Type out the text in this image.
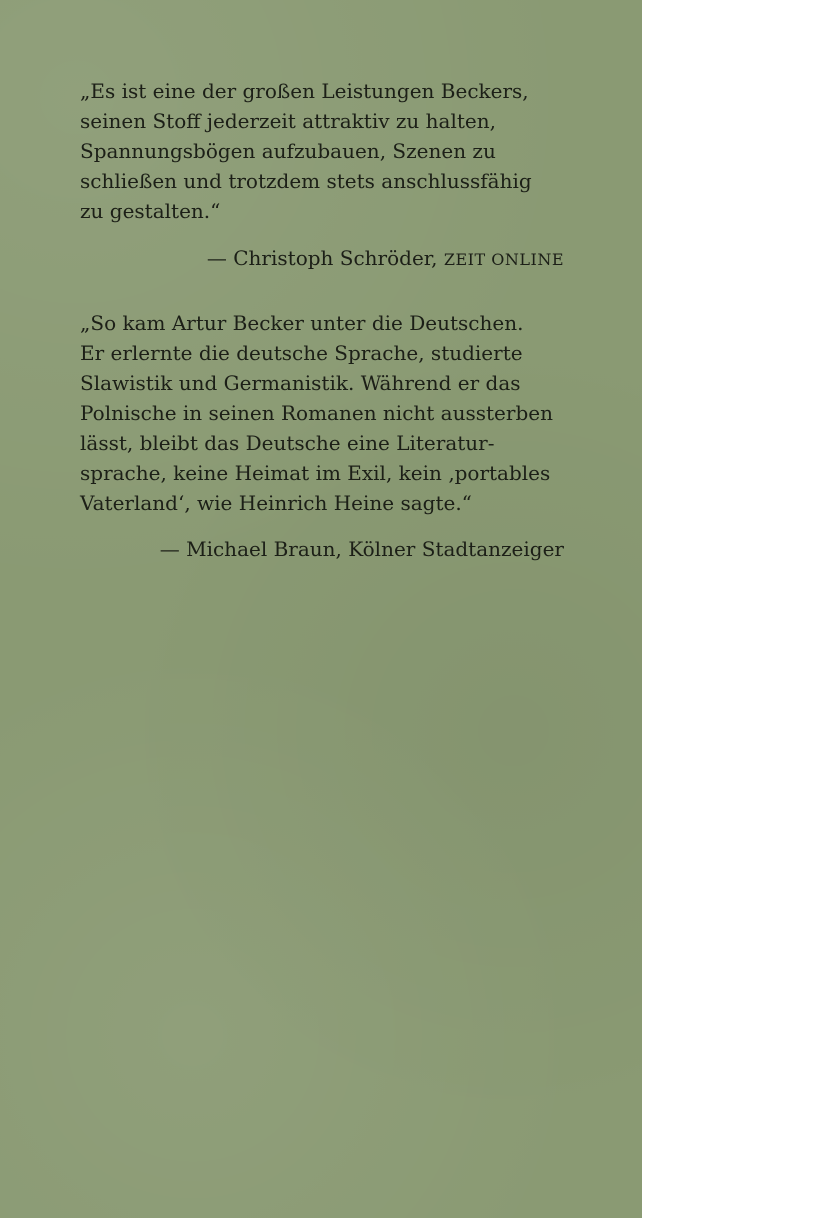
„Es ist eine der großen Leistungen Beckers,
seinen Stoff jederzeit attraktiv zu halten,
Spannungsbögen aufzubauen, Szenen zu
schließen und trotzdem stets anschlussfähig
zu gestalten.“
— Christoph Schröder, ZEIT ONLINE
„So kam Artur Becker unter die Deutschen.
Er erlernte die deutsche Sprache, studierte
Slawistik und Germanistik. Während er das
Polnische in seinen Romanen nicht aussterben
lässt, bleibt das Deutsche eine Literatur-
sprache, keine Heimat im Exil, kein ‚portables
Vaterland‘, wie Heinrich Heine sagte.“
— Michael Braun, Kölner Stadtanzeiger
